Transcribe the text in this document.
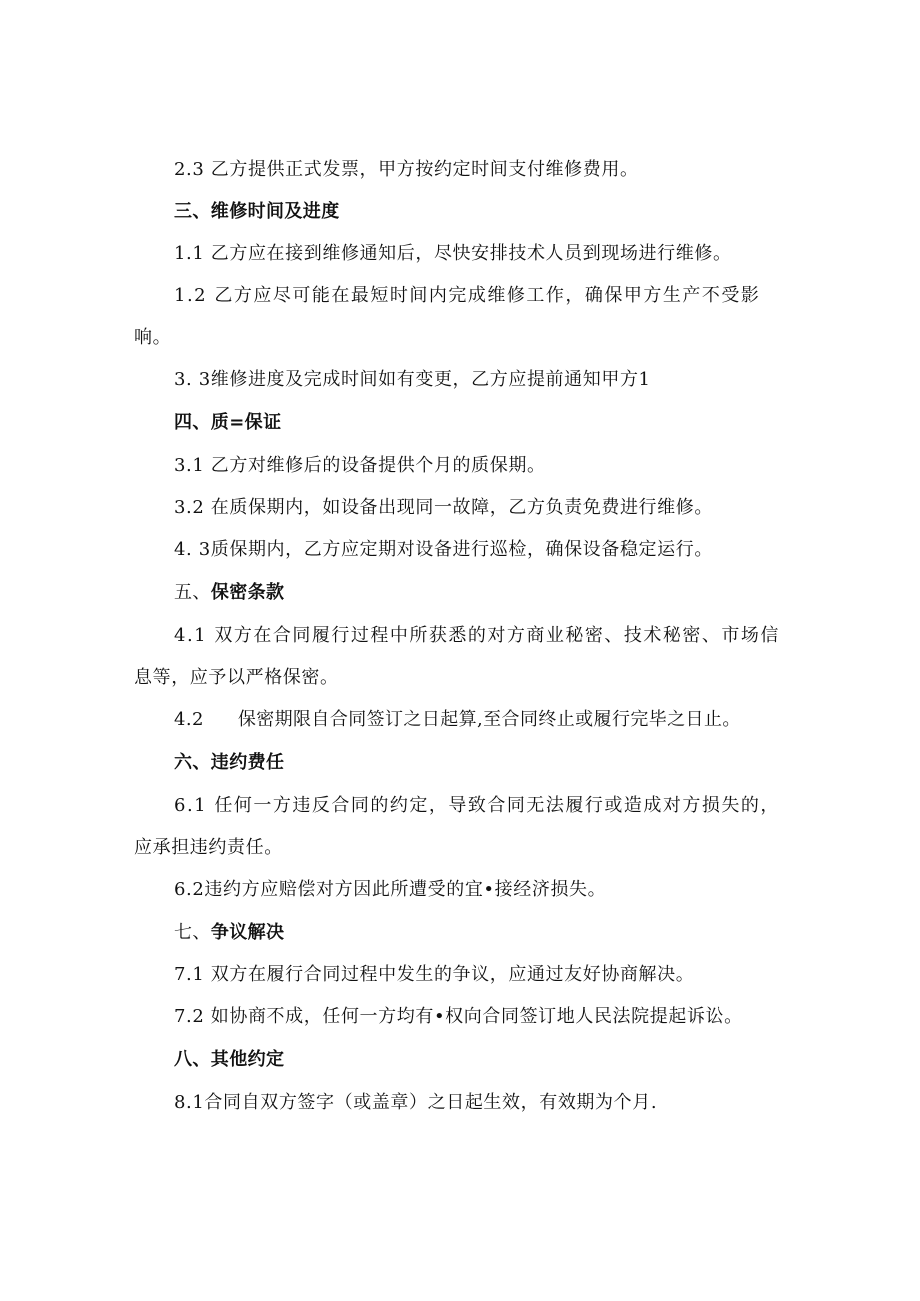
2.3 乙方提供正式发票，甲方按约定时间支付维修费用。
三、维修时间及进度
1.1 乙方应在接到维修通知后，尽快安排技术人员到现场进行维修。
1.2 乙方应尽可能在最短时间内完成维修工作，确保甲方生产不受影
响。
3. 3维修进度及完成时间如有变更，乙方应提前通知甲方1
四、质=保证
3.1 乙方对维修后的设备提供个月的质保期。
3.2 在质保期内，如设备出现同一故障，乙方负责免费进行维修。
4. 3质保期内，乙方应定期对设备进行巡检，确保设备稳定运行。
五、保密条款
4.1 双方在合同履行过程中所获悉的对方商业秘密、技术秘密、市场信
息等，应予以严格保密。
4.2 保密期限自合同签订之日起算,至合同终止或履行完毕之日止。
六、违约费任
6.1 任何一方违反合同的约定，导致合同无法履行或造成对方损失的，
应承担违约责任。
6.2违约方应赔偿对方因此所遭受的宜•接经济损失。
七、争议解决
7.1 双方在履行合同过程中发生的争议，应通过友好协商解决。
7.2 如协商不成，任何一方均有•权向合同签订地人民法院提起诉讼。
八、其他约定
8.1合同自双方签字（或盖章）之日起生效，有效期为个月.
